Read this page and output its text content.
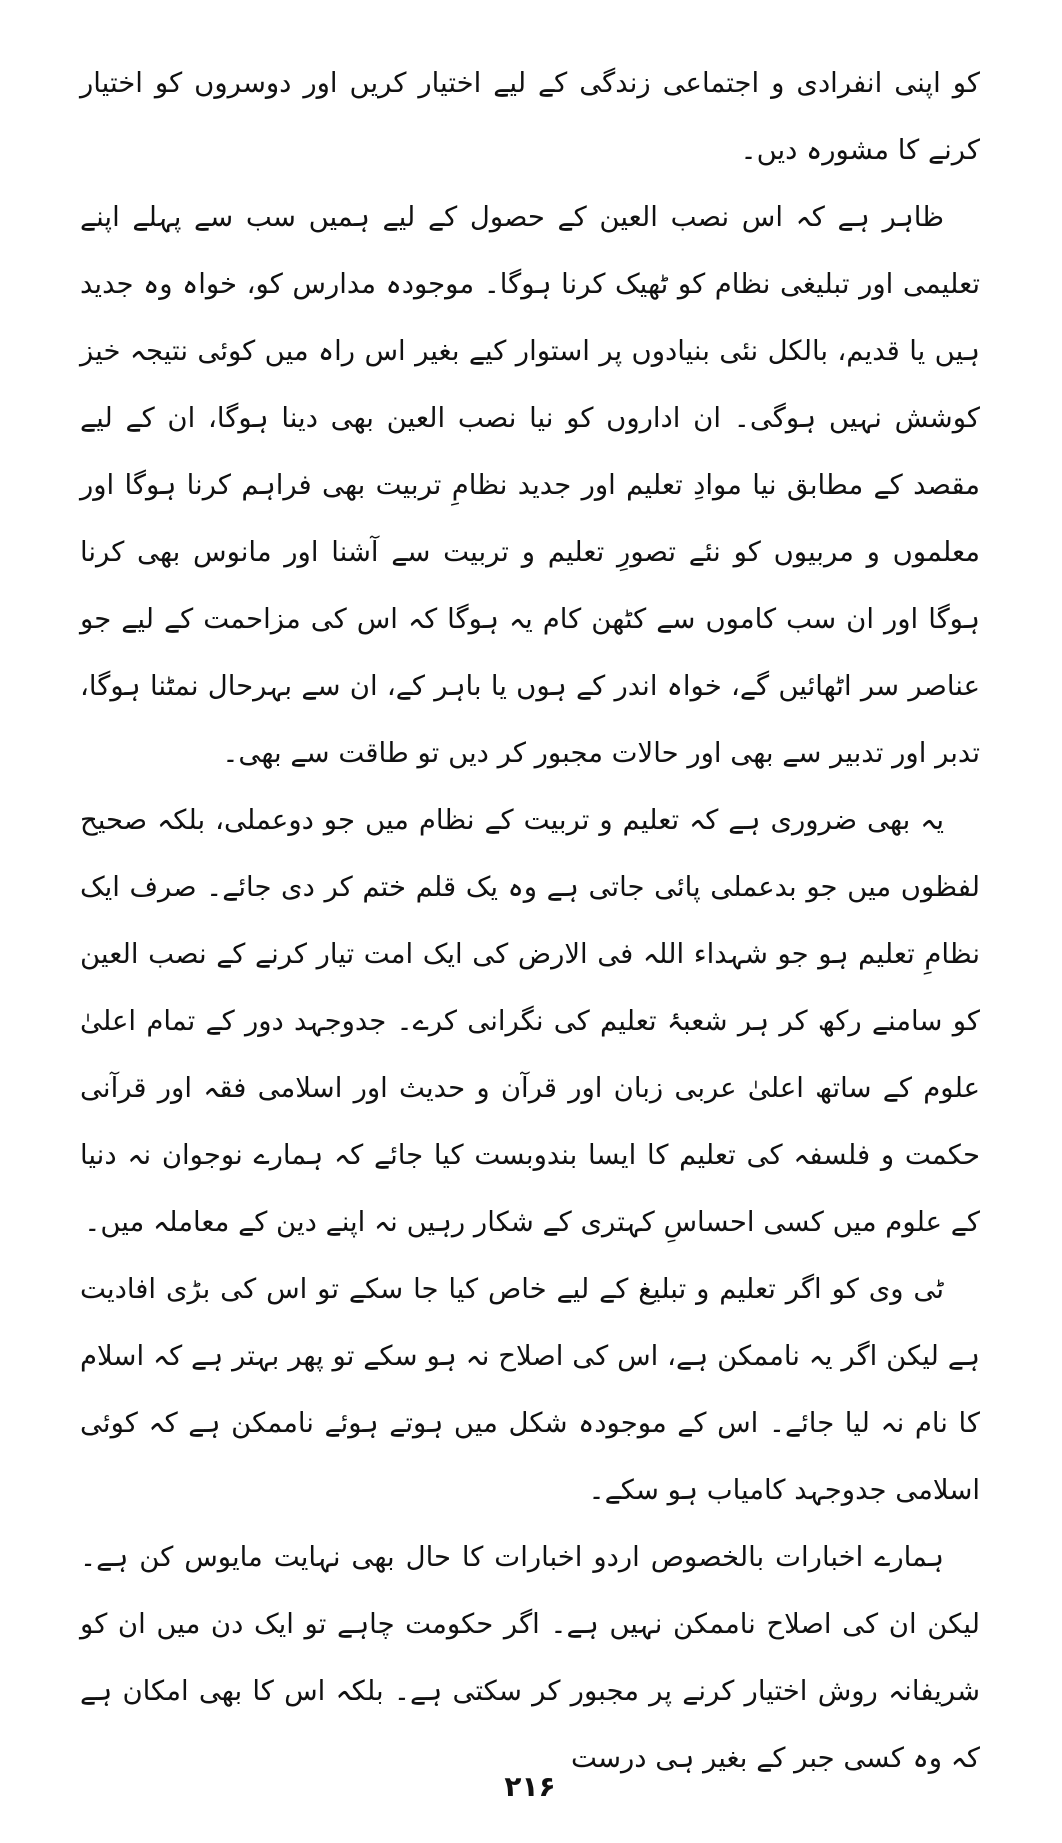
کو اپنی انفرادی و اجتماعی زندگی کے لیے اختیار کریں اور دوسروں کو اختیار کرنے کا مشورہ دیں۔

ظاہر ہے کہ اس نصب العین کے حصول کے لیے ہمیں سب سے پہلے اپنے تعلیمی اور تبلیغی نظام کو ٹھیک کرنا ہوگا۔ موجودہ مدارس کو، خواہ وہ جدید ہیں یا قدیم، بالکل نئی بنیادوں پر استوار کیے بغیر اس راہ میں کوئی نتیجہ خیز کوشش نہیں ہوگی۔ ان اداروں کو نیا نصب العین بھی دینا ہوگا، ان کے لیے مقصد کے مطابق نیا موادِ تعلیم اور جدید نظامِ تربیت بھی فراہم کرنا ہوگا اور معلموں و مربیوں کو نئے تصورِ تعلیم و تربیت سے آشنا اور مانوس بھی کرنا ہوگا اور ان سب کاموں سے کٹھن کام یہ ہوگا کہ اس کی مزاحمت کے لیے جو عناصر سر اٹھائیں گے، خواہ اندر کے ہوں یا باہر کے، ان سے بہرحال نمٹنا ہوگا، تدبر اور تدبیر سے بھی اور حالات مجبور کر دیں تو طاقت سے بھی۔

یہ بھی ضروری ہے کہ تعلیم و تربیت کے نظام میں جو دوعملی، بلکہ صحیح لفظوں میں جو بدعملی پائی جاتی ہے وہ یک قلم ختم کر دی جائے۔ صرف ایک نظامِ تعلیم ہو جو شہداء اللہ فی الارض کی ایک امت تیار کرنے کے نصب العین کو سامنے رکھ کر ہر شعبۂ تعلیم کی نگرانی کرے۔ جدوجہد دور کے تمام اعلیٰ علوم کے ساتھ اعلیٰ عربی زبان اور قرآن و حدیث اور اسلامی فقہ اور قرآنی حکمت و فلسفہ کی تعلیم کا ایسا بندوبست کیا جائے کہ ہمارے نوجوان نہ دنیا کے علوم میں کسی احساسِ کہتری کے شکار رہیں نہ اپنے دین کے معاملہ میں۔

ٹی وی کو اگر تعلیم و تبلیغ کے لیے خاص کیا جا سکے تو اس کی بڑی افادیت ہے لیکن اگر یہ ناممکن ہے، اس کی اصلاح نہ ہو سکے تو پھر بہتر ہے کہ اسلام کا نام نہ لیا جائے۔ اس کے موجودہ شکل میں ہوتے ہوئے ناممکن ہے کہ کوئی اسلامی جدوجہد کامیاب ہو سکے۔

ہمارے اخبارات بالخصوص اردو اخبارات کا حال بھی نہایت مایوس کن ہے۔ لیکن ان کی اصلاح ناممکن نہیں ہے۔ اگر حکومت چاہے تو ایک دن میں ان کو شریفانہ روش اختیار کرنے پر مجبور کر سکتی ہے۔ بلکہ اس کا بھی امکان ہے کہ وہ کسی جبر کے بغیر ہی درست

۲۱۶
